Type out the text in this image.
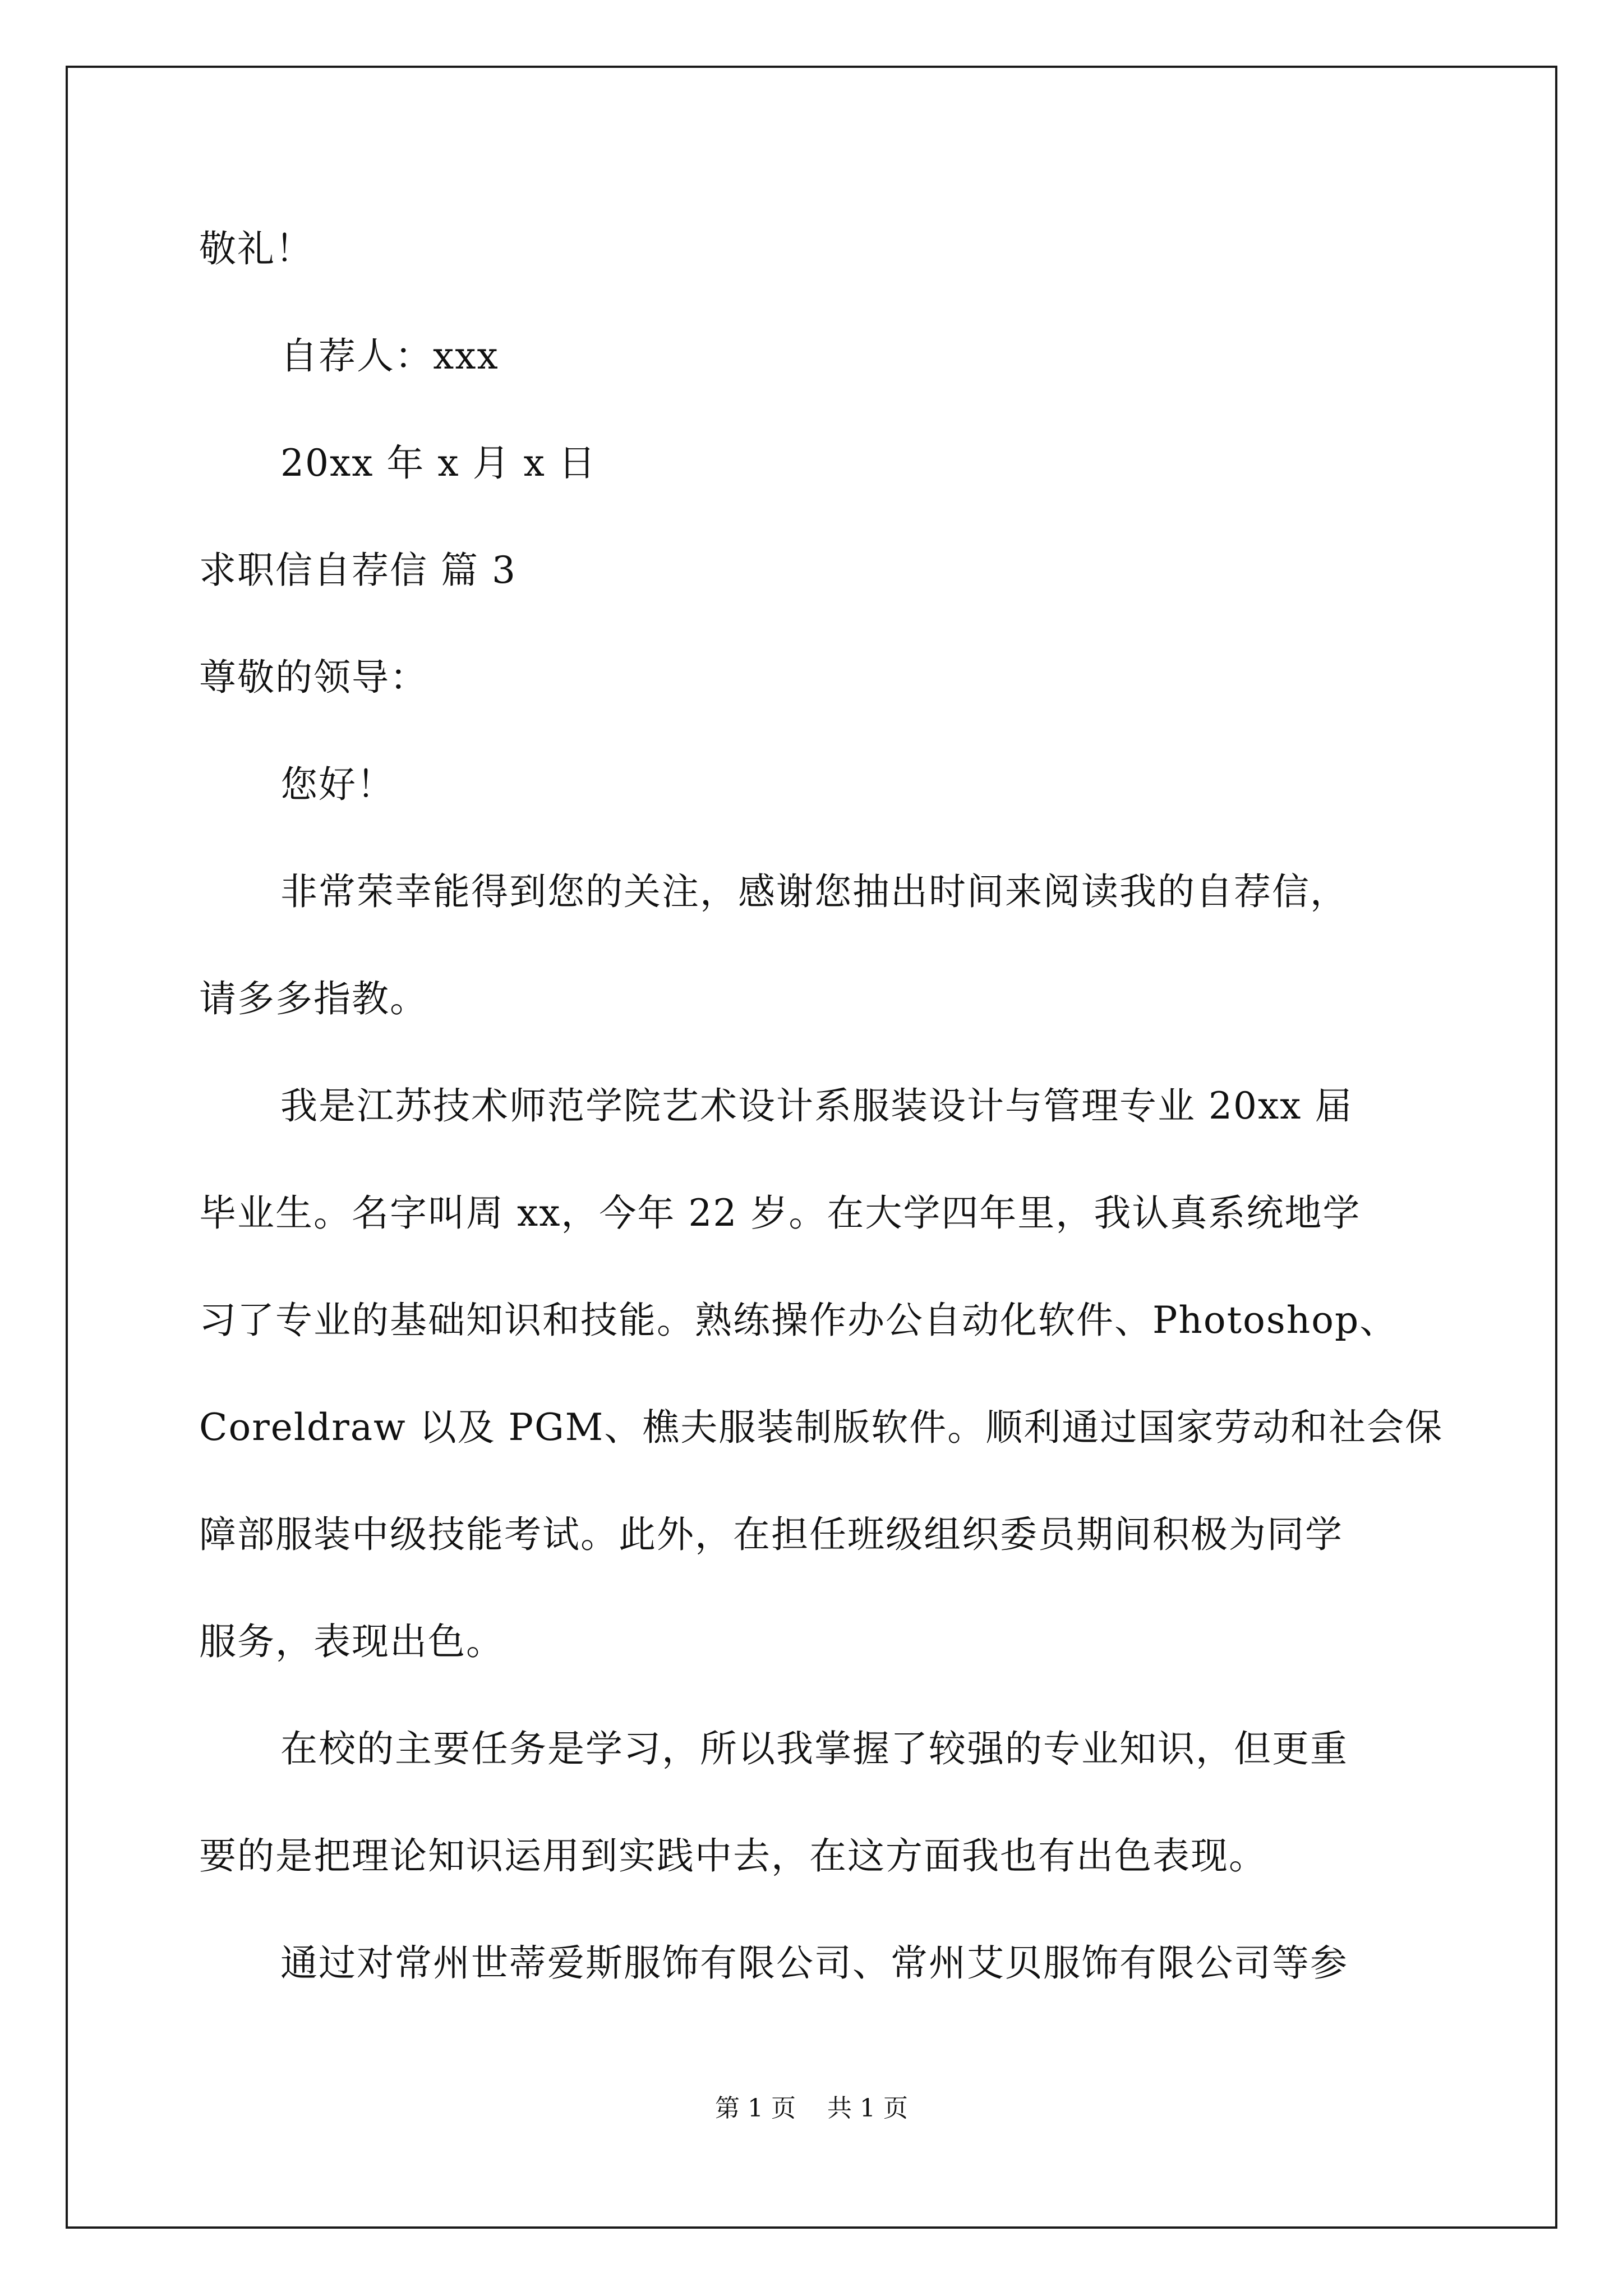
敬礼！
自荐人：xxx
20xx 年 x 月 x 日
求职信自荐信 篇 3
尊敬的领导：
您好！
非常荣幸能得到您的关注，感谢您抽出时间来阅读我的自荐信，
请多多指教。
我是江苏技术师范学院艺术设计系服装设计与管理专业 20xx 届
毕业生。名字叫周 xx，今年 22 岁。在大学四年里，我认真系统地学
习了专业的基础知识和技能。熟练操作办公自动化软件、Photoshop、
Coreldraw 以及 PGM、樵夫服装制版软件。顺利通过国家劳动和社会保
障部服装中级技能考试。此外，在担任班级组织委员期间积极为同学
服务，表现出色。
在校的主要任务是学习，所以我掌握了较强的专业知识，但更重
要的是把理论知识运用到实践中去，在这方面我也有出色表现。
通过对常州世蒂爱斯服饰有限公司、常州艾贝服饰有限公司等参
第 1 页 共 1 页
